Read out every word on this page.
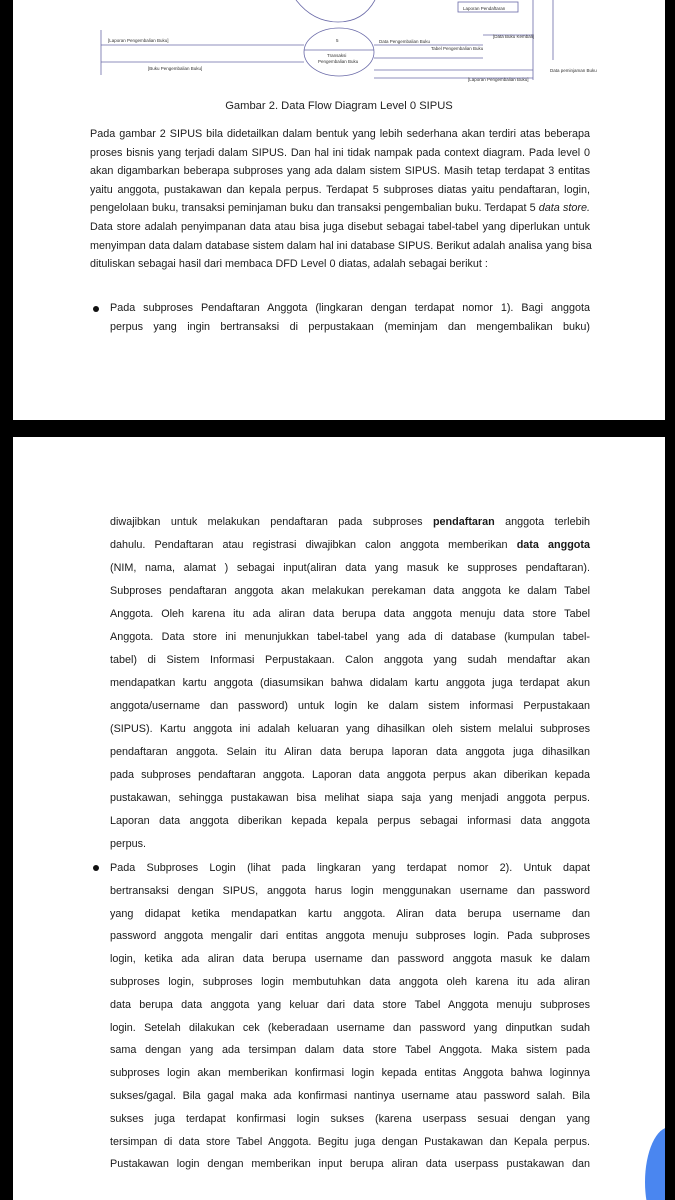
5
Transaksi
Pengembalian Buku
[Laporan Pengembalian Buku]
[Buku Pengembalian Buku]
Laporan Pendaftaran
Data Pengembalian Buku
Tabel Pengembalian Buku
[Data Buku Kembali]
[Laporan Pengembalian Buku]
Data peminjaman Buku
Gambar 2. Data Flow Diagram Level 0 SIPUS
Pada gambar 2 SIPUS bila didetailkan dalam bentuk yang lebih sederhana akan terdiri atas beberapa
proses bisnis yang terjadi dalam SIPUS. Dan hal ini tidak nampak pada context diagram. Pada level 0
akan digambarkan beberapa subproses yang ada dalam sistem SIPUS. Masih tetap terdapat 3 entitas
yaitu anggota, pustakawan dan kepala perpus. Terdapat 5 subproses diatas yaitu pendaftaran, login,
pengelolaan buku, transaksi peminjaman buku dan transaksi pengembalian buku. Terdapat 5 data store.
Data store adalah penyimpanan data atau bisa juga disebut sebagai tabel-tabel yang diperlukan untuk
menyimpan data dalam database sistem dalam hal ini database SIPUS. Berikut adalah analisa yang bisa
dituliskan sebagai hasil dari membaca DFD Level 0 diatas, adalah sebagai berikut :
Pada subproses Pendaftaran Anggota (lingkaran dengan terdapat nomor 1). Bagi anggota
perpus yang ingin bertransaksi di perpustakaan (meminjam dan mengembalikan buku)
diwajibkan untuk melakukan pendaftaran pada subproses pendaftaran anggota terlebih
dahulu. Pendaftaran atau registrasi diwajibkan calon anggota memberikan data anggota
(NIM, nama, alamat ) sebagai input(aliran data yang masuk ke supproses pendaftaran).
Subproses pendaftaran anggota akan melakukan perekaman data anggota ke dalam Tabel
Anggota. Oleh karena itu ada aliran data berupa data anggota menuju data store Tabel
Anggota. Data store ini menunjukkan tabel-tabel yang ada di database (kumpulan tabel-
tabel) di Sistem Informasi Perpustakaan. Calon anggota yang sudah mendaftar akan
mendapatkan kartu anggota (diasumsikan bahwa didalam kartu anggota juga terdapat akun
anggota/username dan password) untuk login ke dalam sistem informasi Perpustakaan
(SIPUS). Kartu anggota ini adalah keluaran yang dihasilkan oleh sistem melalui subproses
pendaftaran anggota. Selain itu Aliran data berupa laporan data anggota juga dihasilkan
pada subproses pendaftaran anggota. Laporan data anggota perpus akan diberikan kepada
pustakawan, sehingga pustakawan bisa melihat siapa saja yang menjadi anggota perpus.
Laporan data anggota diberikan kepada kepala perpus sebagai informasi data anggota
perpus.
Pada Subproses Login (lihat pada lingkaran yang terdapat nomor 2). Untuk dapat
bertransaksi dengan SIPUS, anggota harus login menggunakan username dan password
yang didapat ketika mendapatkan kartu anggota. Aliran data berupa username dan
password anggota mengalir dari entitas anggota menuju subproses login. Pada subproses
login, ketika ada aliran data berupa username dan password anggota masuk ke dalam
subproses login, subproses login membutuhkan data anggota oleh karena itu ada aliran
data berupa data anggota yang keluar dari data store Tabel Anggota menuju subproses
login. Setelah dilakukan cek (keberadaan username dan password yang dinputkan sudah
sama dengan yang ada tersimpan dalam data store Tabel Anggota. Maka sistem pada
subproses login akan memberikan konfirmasi login kepada entitas Anggota bahwa loginnya
sukses/gagal. Bila gagal maka ada konfirmasi nantinya username atau password salah. Bila
sukses juga terdapat konfirmasi login sukses (karena userpass sesuai dengan yang
tersimpan di data store Tabel Anggota. Begitu juga dengan Pustakawan dan Kepala perpus.
Pustakawan login dengan memberikan input berupa aliran data userpass pustakawan dan
